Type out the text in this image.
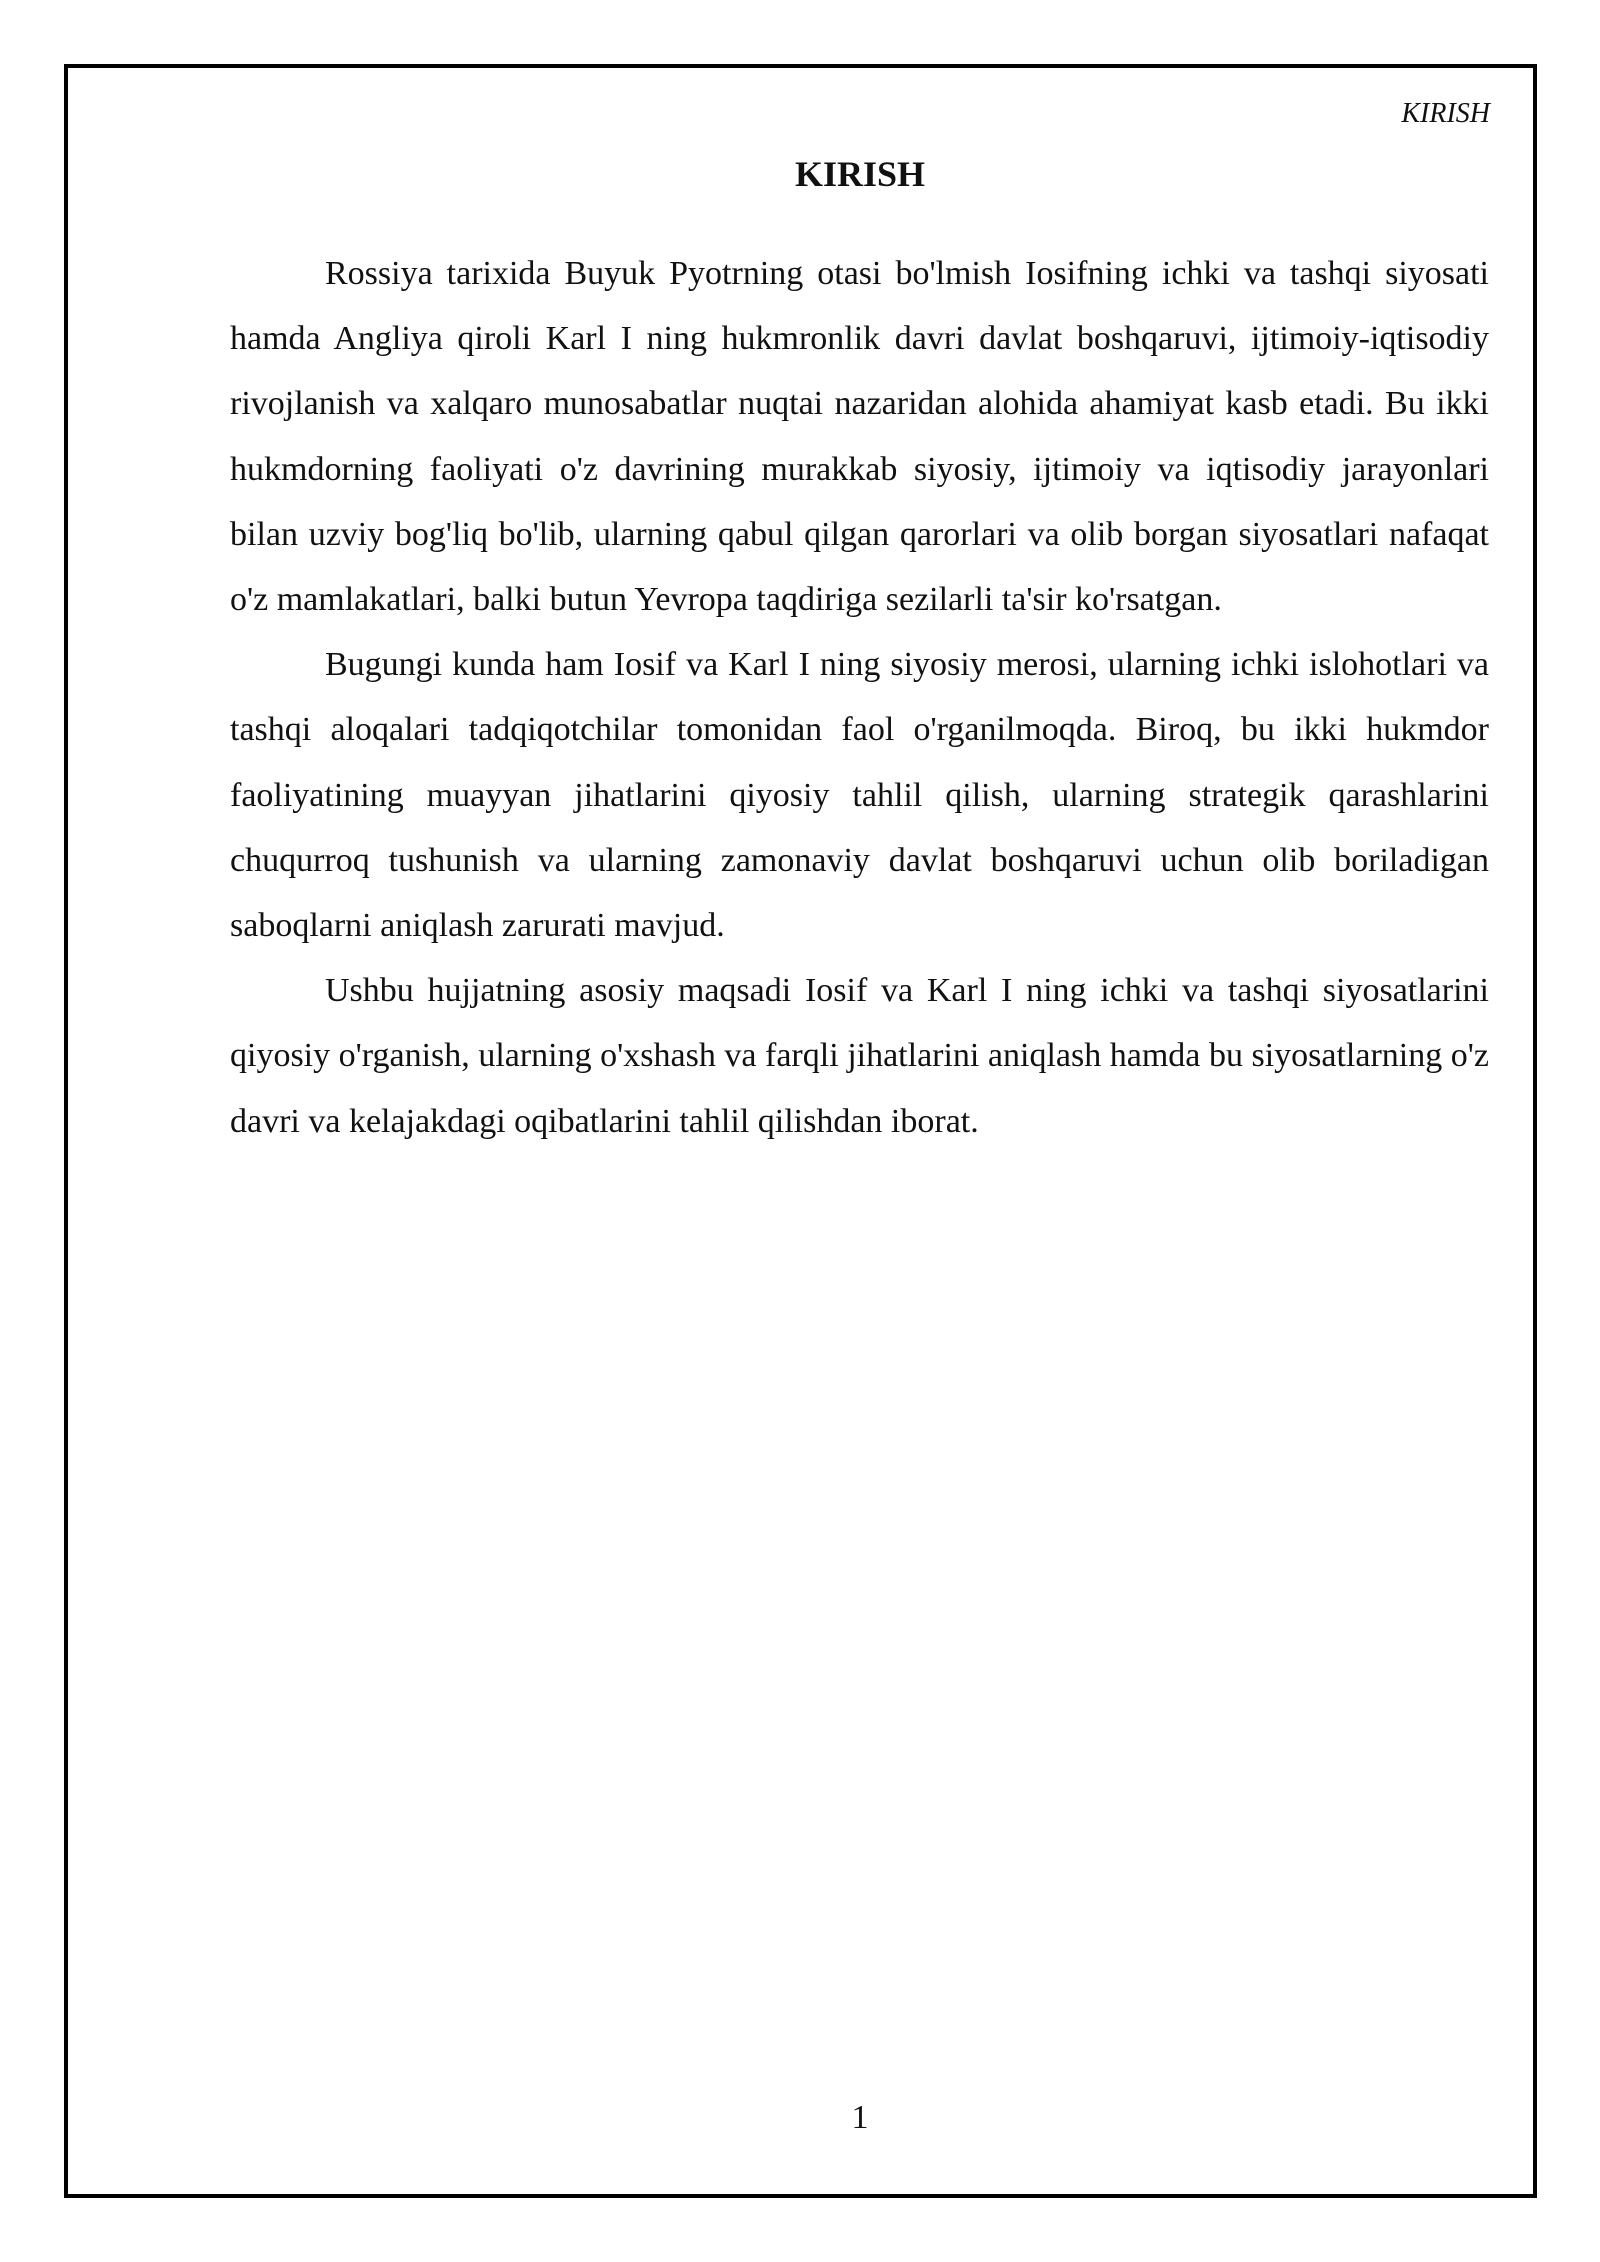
KIRISH
KIRISH

Rossiya tarixida Buyuk Pyotrning otasi bo'lmish Iosifning ichki va tashqi siyosati hamda Angliya qiroli Karl I ning hukmronlik davri davlat boshqaruvi, ijtimoiy-iqtisodiy rivojlanish va xalqaro munosabatlar nuqtai nazaridan alohida ahamiyat kasb etadi. Bu ikki hukmdorning faoliyati o'z davrining murakkab siyosiy, ijtimoiy va iqtisodiy jarayonlari bilan uzviy bog'liq bo'lib, ularning qabul qilgan qarorlari va olib borgan siyosatlari nafaqat o'z mamlakatlari, balki butun Yevropa taqdiriga sezilarli ta'sir ko'rsatgan.

Bugungi kunda ham Iosif va Karl I ning siyosiy merosi, ularning ichki islohotlari va tashqi aloqalari tadqiqotchilar tomonidan faol o'rganilmoqda. Biroq, bu ikki hukmdor faoliyatining muayyan jihatlarini qiyosiy tahlil qilish, ularning strategik qarashlarini chuqurroq tushunish va ularning zamonaviy davlat boshqaruvi uchun olib boriladigan saboqlarni aniqlash zarurati mavjud.

Ushbu hujjatning asosiy maqsadi Iosif va Karl I ning ichki va tashqi siyosatlarini qiyosiy o'rganish, ularning o'xshash va farqli jihatlarini aniqlash hamda bu siyosatlarning o'z davri va kelajakdagi oqibatlarini tahlil qilishdan iborat.

1
